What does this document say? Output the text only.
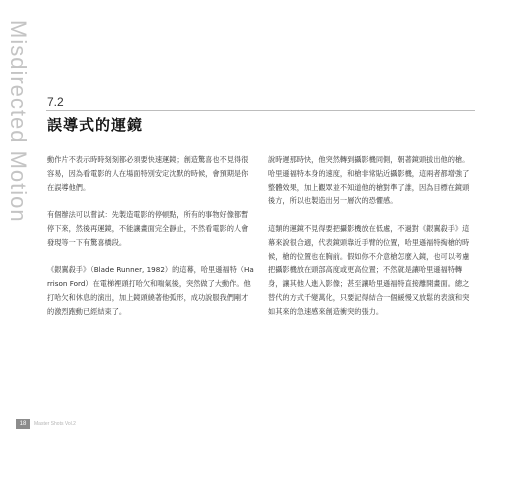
Misdirected Motion 7.2
誤導式的運鏡

動作片不表示時時刻刻都必須要快速運鏡；創造驚喜也不見得很容易，因為看電影的人在場面特別安定沈默的時候，會預期是你在誤導他們。

有個辦法可以嘗試：先製造電影的停頓點，所有的事物好像都暫停下來，然後再運鏡，不能讓畫面完全靜止，不然看電影的人會發現等一下有驚喜橋段。

《銀翼殺手》（Blade Runner, 1982）的這幕，哈里遜福特（Harrison Ford）在電梯裡頭打哈欠和喘氣後，突然做了大動作。他打哈欠和休息的演出，加上鏡頭繞著他弧形，成功說服我們剛才的激烈跑動已經結束了。

說時遲那時快，他突然轉到攝影機同側，朝著鏡頭拔出他的槍。哈里遜福特本身的速度，和槍非常貼近攝影機，這兩者都增強了整體效果，加上觀眾並不知道他的槍對準了誰，因為目標在鏡頭後方，所以也製造出另一層次的恐懼感。

這類的運鏡不見得要把攝影機放在低處，不過對《銀翼殺手》這幕來說很合適，代表鏡頭靠近手臂的位置，哈里遜福特掏槍的時候，槍的位置也在胸前。假如你不介意槍怎麼入鏡，也可以考慮把攝影機放在頭部高度或更高位置；不然就是讓哈里遜福特轉身，讓其他人進入影像；甚至讓哈里遜福特直接離開畫面。總之替代的方式千變萬化，只要記得結合一個緩慢又放鬆的表演和突如其來的急速感來創造衝突的張力。

18	Master Shots Vol.2
